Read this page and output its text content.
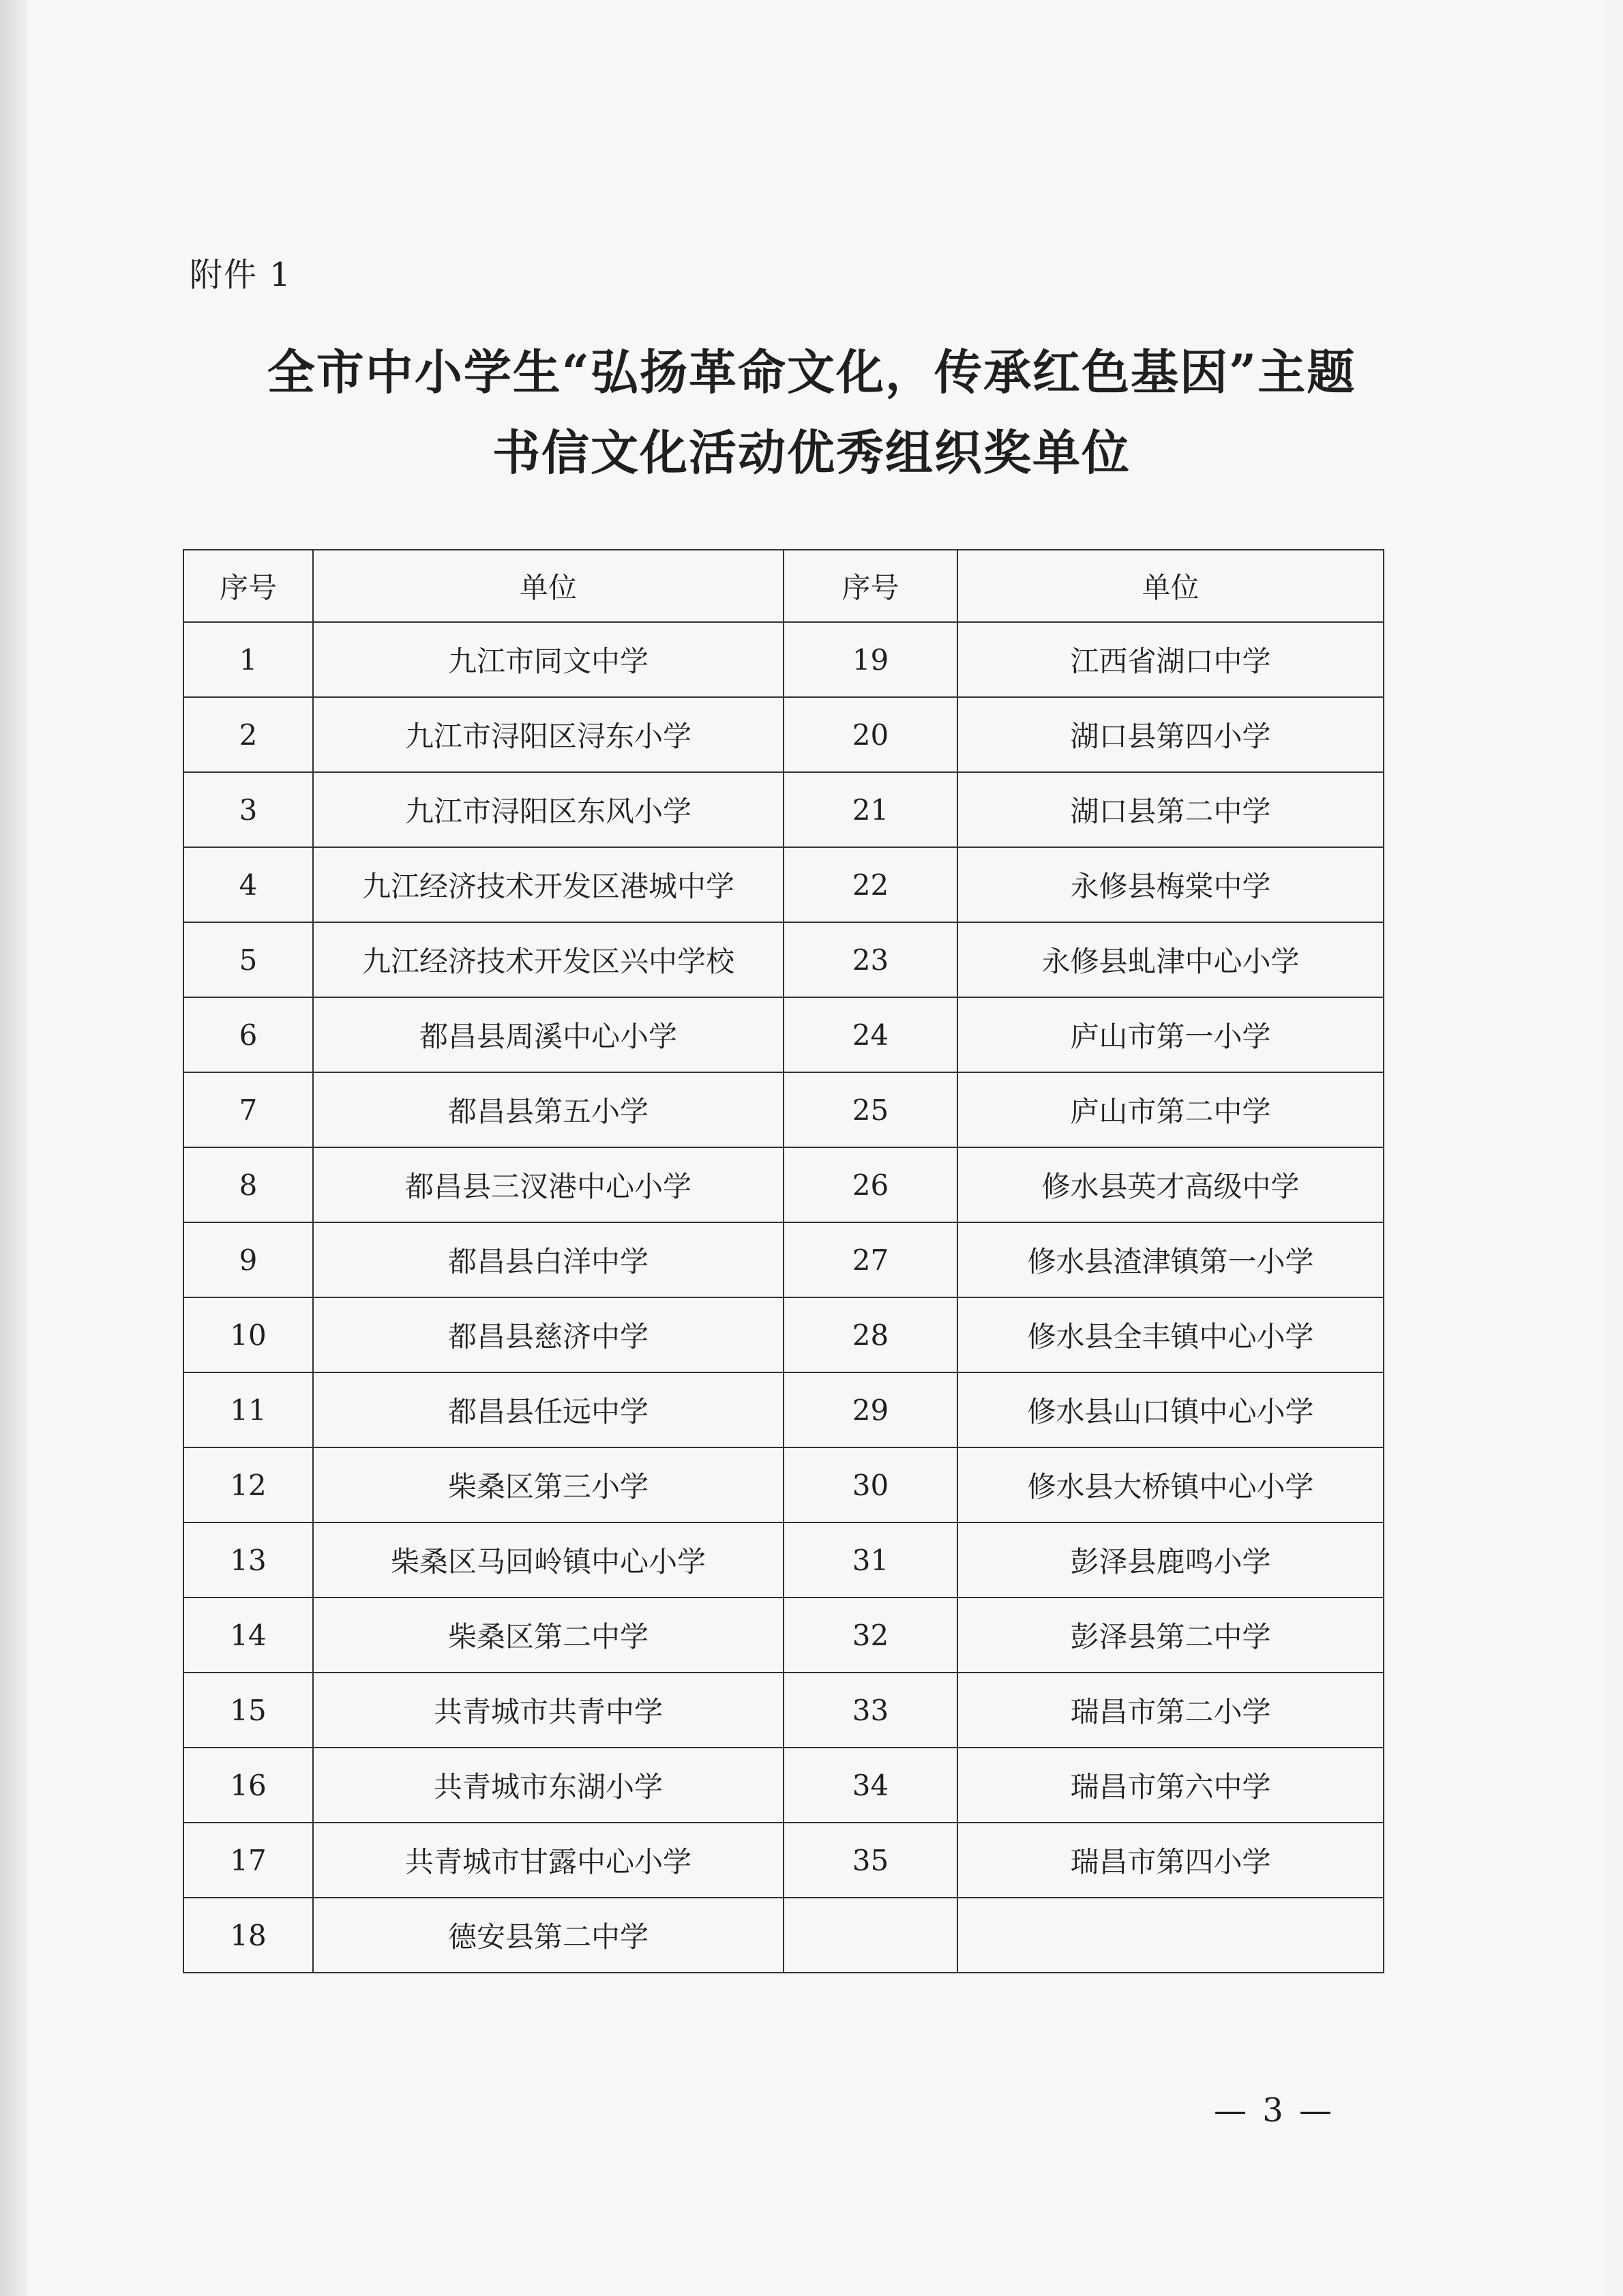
附件 1
全市中小学生“弘扬革命文化，传承红色基因”主题
书信文化活动优秀组织奖单位
序号	单位	序号	单位
1	九江市同文中学	19	江西省湖口中学
2	九江市浔阳区浔东小学	20	湖口县第四小学
3	九江市浔阳区东风小学	21	湖口县第二中学
4	九江经济技术开发区港城中学	22	永修县梅棠中学
5	九江经济技术开发区兴中学校	23	永修县虬津中心小学
6	都昌县周溪中心小学	24	庐山市第一小学
7	都昌县第五小学	25	庐山市第二中学
8	都昌县三汊港中心小学	26	修水县英才高级中学
9	都昌县白洋中学	27	修水县渣津镇第一小学
10	都昌县慈济中学	28	修水县全丰镇中心小学
11	都昌县任远中学	29	修水县山口镇中心小学
12	柴桑区第三小学	30	修水县大桥镇中心小学
13	柴桑区马回岭镇中心小学	31	彭泽县鹿鸣小学
14	柴桑区第二中学	32	彭泽县第二中学
15	共青城市共青中学	33	瑞昌市第二小学
16	共青城市东湖小学	34	瑞昌市第六中学
17	共青城市甘露中心小学	35	瑞昌市第四小学
18	德安县第二中学		
— 3 —
